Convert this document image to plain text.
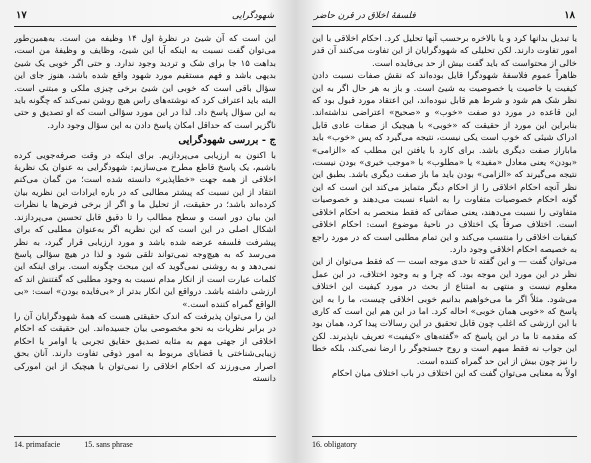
۱۷	شهودگرایی

این است که آن شیئ در نظرهٔ اول ۱۴ وظیفه من است. به‌همین‌طور می‌توان گفت نسبت به اینکه آیا این شیئ، وظایف و وظیفهٔ من است، بداهت ۱۵ جا برای شک و تردید وجود ندارد. و حتی اگر خوبی یک شیئ بدیهی باشد و فهم مستقیم مورد شهود واقع شده باشد، هنوز جای این سؤال باقی است که خوبی این شیئ برخی چیزی ملکی و مبتنی است. البته باید اعتراف کرد که نوشته‌های راس هیچ روشن نمی‌کند که چگونه باید به این سؤال پاسخ داد. لذا در این مورد سؤالی است که او تصدیق و حتی ناگزیر است که حداقل امکان پاسخ دادن به این سؤال وجود دارد.

ج - بررسی شهودگرایی

با اکنون به ارزیابی می‌پردازیم. برای اینکه در وقت صرفه‌جویی کرده باشیم، یک پاسخ قاطع مطرح می‌سازیم: شهودگرایی به عنوان یک نظریهٔ اخلاقی از همه جهت «خطاپذیر» دانسته شده است؛ من گمان می‌کنم انتقاد از این نسبت که پیشتر مطالبی که در باره ایرادات این نظریه بیان کرده‌اند باشد؛ در حقیقت، از تحلیل ما و اگر از برخی فرض‌ها یا نظرات این بیان دور است و سطح مطالب را تا دقیق قابل تحسین می‌پردازند. اشکال اصلی در این است که این نظریه اگر به‌عنوان مطلبی که برای پیشرفت فلسفه عرضه شده باشد و مورد ارزیابی قرار گیرد، به نظر می‌رسد که به هیچ‌وجه نمی‌تواند تلقی شود و لذا در هیچ سؤالی پاسخ نمی‌دهد و به روشنی نمی‌گوید که این مبحث چگونه است. برای اینکه این کلمات عبارت است از انکار مدام نسبت به وجود مطلبی که گفتنش اند که ارزشی داشته باشد. درواقع این انکار بدتر از «بی‌فایده بودن» است: «بی الواقع گمراه کننده است.»

این را می‌توان پذیرفت که اندک حقیقتی هست که همهٔ شهودگرایان آن را در برابر نظریات به نحو مخصوصی بیان جسیده‌اند. این حقیقت که احکام اخلاقی از جهتی مهم به مثابه تصدیق حقایق تجربی یا اوامر یا احکام زیبایی‌شناختی یا قضایای مربوط به امور ذوقی تفاوت دارند. آنان بحق اصرار می‌ورزند که احکام اخلاقی را نمی‌توان با هیچیک از این امورکی دانسته

14. primafacie	15. sans phrase
فلسفهٔ اخلاق در قرن حاضر	۱۸

یا تبدیل بدانها کرد و یا بالاخره برحسب آنها تحلیل کرد. احکام اخلاقی با این امور تفاوت دارند. لکن تحلیلی که شهودگرایان از این تفاوت می‌کنند آن قدر خالی از محتواست که باید گفت بیش از حد بی‌فایده است.

ظاهراً عموم فلاسفهٔ شهودگرا قایل بوده‌اند که نقش صفات نسبت دادن کیفیت یا خاصیت یا خصوصیت به شیئ است. و باز به هر حال اگر به این نظر شک هم شود و شرط هم قابل نبوده‌اند، این اعتقاد مورد قبول بود که این قاعده در مورد دو صفت «خوب» و «صحیح» اعتراضی نداشته‌اند. بنابراین این مورد از حقیقت که «خوبی» با هیچیک از صفات عادی قابل ادراک شیئی که خوب است یکی نیست، نتیجه می‌گیرد که پس «خوب» باید ماباراز صفت دیگری باشد. برای کارد با یافتن این مطلب که «الزامی» «بودن» یعنی معادل «مفید» یا «مطلوب» با «موجب خیری» بودن نیست، نتیجه می‌گیرند که «الزامی» بودن باید ما باز صفت دیگری باشد. بطبق این نظر آنچه احکام اخلاقی را از احکام دیگر متمایز می‌کند این است که این گونه احکام خصوصیات متفاوت را به اشیاء نسبت می‌دهند و خصوصیات متفاوتی را نسبت می‌دهند، یعنی صفاتی که فقط منحصر به احکام اخلاقی است. اختلاف صرفاً یک اختلاف در ناحیهٔ موضوع است: احکام اخلاقی کیفیات اخلاقی را منتسب می‌کند و این تمام مطلبی است که در مورد راجع به خصیصه احکام اخلاقی وجود دارد.

می‌توان گفت — و این گفته تا حدی موجه است — که فقط می‌توان از این نظر در این مورد این موجه بود. که چرا و به وجود اختلاف، در این عمل معلوم نیست و منتهی به امتناع از بحث در مورد کیفیت این اختلاف می‌شود. مثلاً اگر ما می‌خواهیم بدانیم خوبی اخلاقی چیست، ما را به این پاسخ که «خوبی همان خوبی» احاله کرد. اما در این هم این است که کاری با این ارزشی که اغلب چون قابل تحقیق در این رسالات پیدا کرد، همان بود که مقدمه تا ما در این پاسخ که «گفته‌های «کیفیت» تعریف ناپذیرند. لکن این جواب نه فقط مبهم است و روح جستجوگر را ارضا نمی‌کند، بلکه خطا را نیز چون بیش از این حد گمراه کننده است.

اولاً به معنایی می‌توان گفت که این اختلاف در باب اختلاف میان احکام

16. obligatory
